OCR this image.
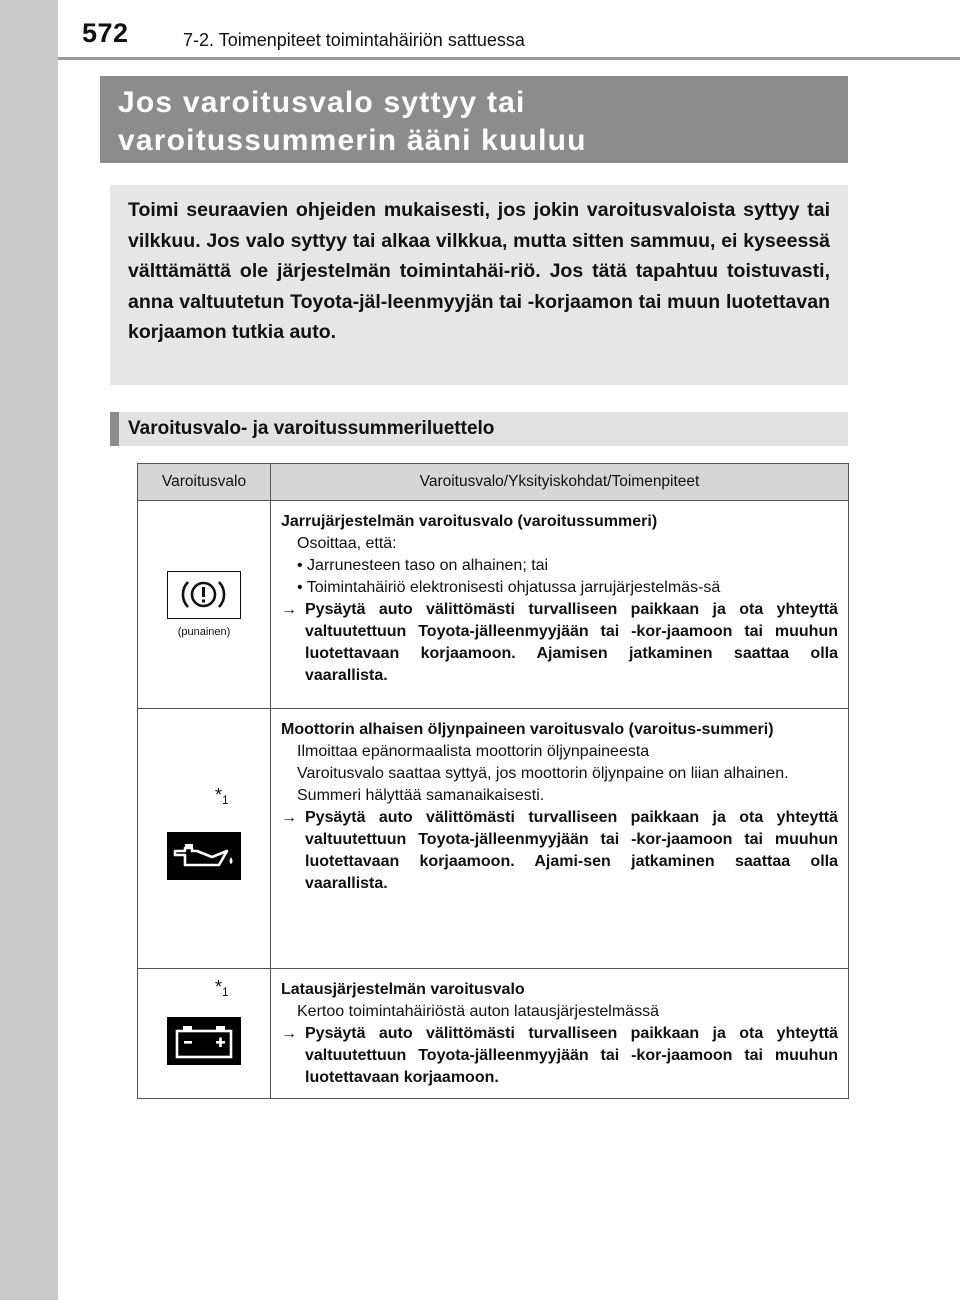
572	7-2. Toimenpiteet toimintahäiriön sattuessa
Jos varoitusvalo syttyy tai
varoitussummerin ääni kuuluu

Toimi seuraavien ohjeiden mukaisesti, jos jokin varoitusvaloista syttyy tai vilkkuu. Jos valo syttyy tai alkaa vilkkua, mutta sitten sammuu, ei kyseessä välttämättä ole järjestelmän toimintahäi-riö. Jos tätä tapahtuu toistuvasti, anna valtuutetun Toyota-jäl-leenmyyjän tai -korjaamon tai muun luotettavan korjaamon tutkia auto.

Varoitusvalo- ja varoitussummeriluettelo
Varoitusvalo	Varoitusvalo/Yksityiskohdat/Toimenpiteet

(punainen)	Jarrujärjestelmän varoitusvalo (varoitussummeri)
Osoittaa, että:
• Jarrunesteen taso on alhainen; tai
• Toimintahäiriö elektronisesti ohjatussa jarrujärjestelmäs-sä
→ Pysäytä auto välittömästi turvalliseen paikkaan ja ota yhteyttä valtuutettuun Toyota-jälleenmyyjään tai -kor-jaamoon tai muuhun luotettavaan korjaamoon. Ajamisen jatkaminen saattaa olla vaarallista.

$*_1$	Moottorin alhaisen öljynpaineen varoitusvalo (varoitus-summeri)
Ilmoittaa epänormaalista moottorin öljynpaineesta
Varoitusvalo saattaa syttyä, jos moottorin öljynpaine on liian alhainen.
Summeri hälyttää samanaikaisesti.
→ Pysäytä auto välittömästi turvalliseen paikkaan ja ota yhteyttä valtuutettuun Toyota-jälleenmyyjään tai -kor-jaamoon tai muuhun luotettavaan korjaamoon. Ajami-sen jatkaminen saattaa olla vaarallista.

$*_1$	Latausjärjestelmän varoitusvalo
Kertoo toimintahäiriöstä auton latausjärjestelmässä
→ Pysäytä auto välittömästi turvalliseen paikkaan ja ota yhteyttä valtuutettuun Toyota-jälleenmyyjään tai -kor-jaamoon tai muuhun luotettavaan korjaamoon.
